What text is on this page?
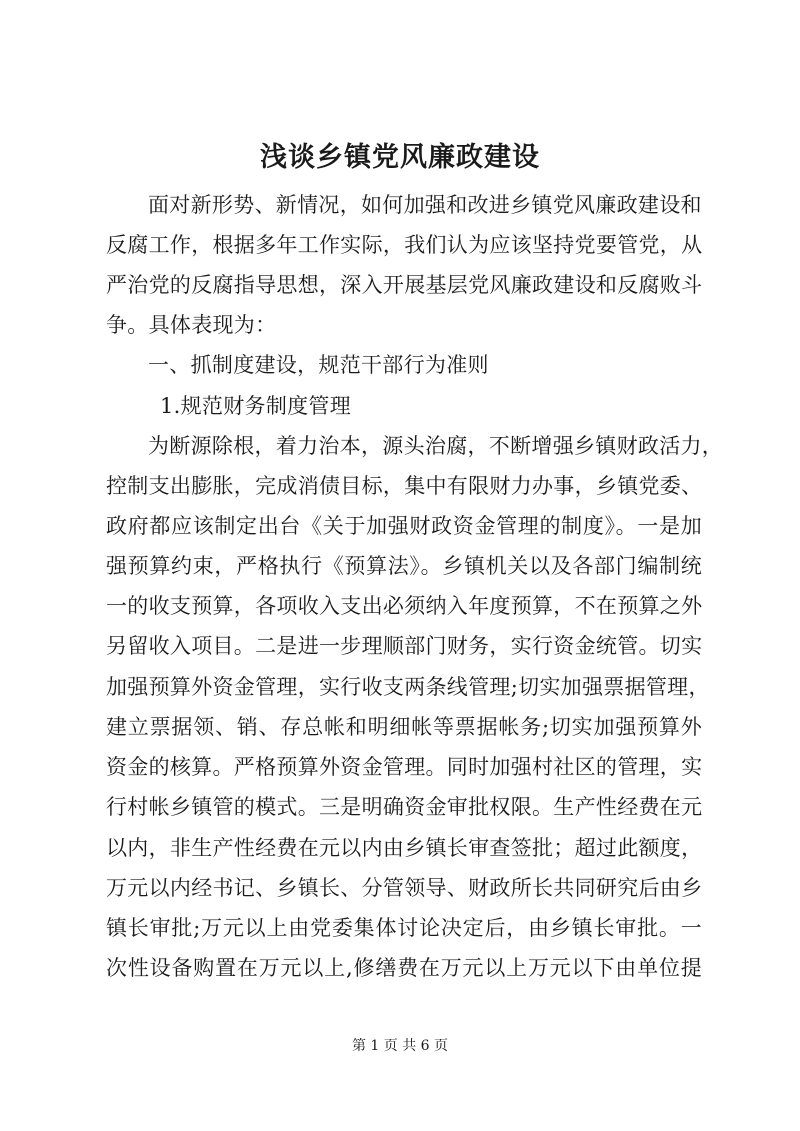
浅谈乡镇党风廉政建设

面对新形势、新情况，如何加强和改进乡镇党风廉政建设和

反腐工作，根据多年工作实际，我们认为应该坚持党要管党，从

严治党的反腐指导思想，深入开展基层党风廉政建设和反腐败斗

争。具体表现为：

一、抓制度建设，规范干部行为准则

1.规范财务制度管理

为断源除根，着力治本，源头治腐，不断增强乡镇财政活力，

控制支出膨胀，完成消债目标，集中有限财力办事，乡镇党委、

政府都应该制定出台《关于加强财政资金管理的制度》。一是加

强预算约束，严格执行《预算法》。乡镇机关以及各部门编制统

一的收支预算，各项收入支出必须纳入年度预算，不在预算之外

另留收入项目。二是进一步理顺部门财务，实行资金统管。切实

加强预算外资金管理，实行收支两条线管理;切实加强票据管理，

建立票据领、销、存总帐和明细帐等票据帐务;切实加强预算外

资金的核算。严格预算外资金管理。同时加强村社区的管理，实

行村帐乡镇管的模式。三是明确资金审批权限。生产性经费在元

以内，非生产性经费在元以内由乡镇长审查签批；超过此额度，

万元以内经书记、乡镇长、分管领导、财政所长共同研究后由乡

镇长审批;万元以上由党委集体讨论决定后，由乡镇长审批。一

次性设备购置在万元以上,修缮费在万元以上万元以下由单位提

第 1 页 共 6 页
